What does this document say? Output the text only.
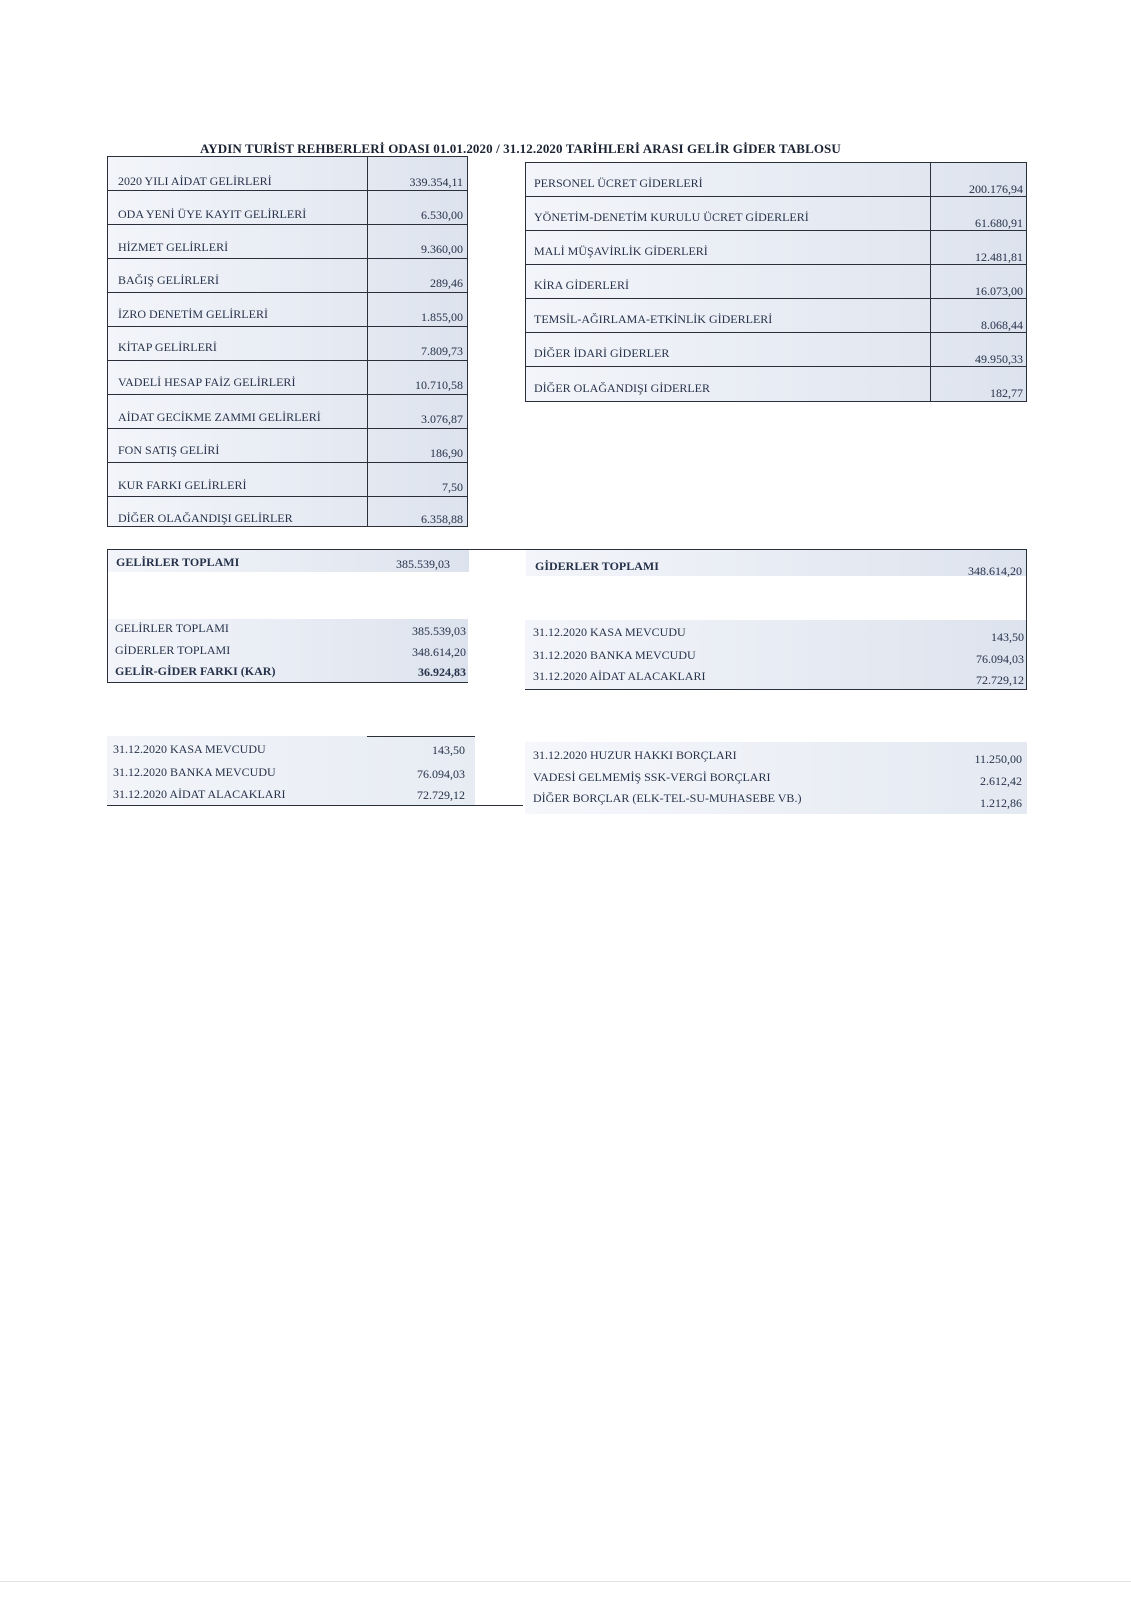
AYDIN TURİST REHBERLERİ ODASI 01.01.2020 / 31.12.2020 TARİHLERİ ARASI GELİR GİDER TABLOSU
2020 YILI AİDAT GELİRLERİ	339.354,11
ODA YENİ ÜYE KAYIT GELİRLERİ	6.530,00
HİZMET GELİRLERİ	9.360,00
BAĞIŞ GELİRLERİ	289,46
İZRO DENETİM GELİRLERİ	1.855,00
KİTAP GELİRLERİ	7.809,73
VADELİ HESAP FAİZ GELİRLERİ	10.710,58
AİDAT GECİKME ZAMMI GELİRLERİ	3.076,87
FON SATIŞ GELİRİ	186,90
KUR FARKI GELİRLERİ	7,50
DİĞER OLAĞANDIŞI GELİRLER	6.358,88
PERSONEL ÜCRET GİDERLERİ	200.176,94
YÖNETİM-DENETİM KURULU ÜCRET GİDERLERİ	61.680,91
MALİ MÜŞAVİRLİK GİDERLERİ	12.481,81
KİRA GİDERLERİ	16.073,00
TEMSİL-AĞIRLAMA-ETKİNLİK GİDERLERİ	8.068,44
DİĞER İDARİ GİDERLER	49.950,33
DİĞER OLAĞANDIŞI GİDERLER	182,77
GELİRLER TOPLAMI	385.539,03	GİDERLER TOPLAMI	348.614,20
GELİRLER TOPLAMI	385.539,03
GİDERLER TOPLAMI	348.614,20
GELİR-GİDER FARKI (KAR)	36.924,83
31.12.2020 KASA MEVCUDU	143,50
31.12.2020 BANKA MEVCUDU	76.094,03
31.12.2020 AİDAT ALACAKLARI	72.729,12
31.12.2020 KASA MEVCUDU	143,50
31.12.2020 BANKA MEVCUDU	76.094,03
31.12.2020 AİDAT ALACAKLARI	72.729,12
31.12.2020 HUZUR HAKKI BORÇLARI	11.250,00
VADESİ GELMEMİŞ SSK-VERGİ BORÇLARI	2.612,42
DİĞER BORÇLAR (ELK-TEL-SU-MUHASEBE VB.)	1.212,86
